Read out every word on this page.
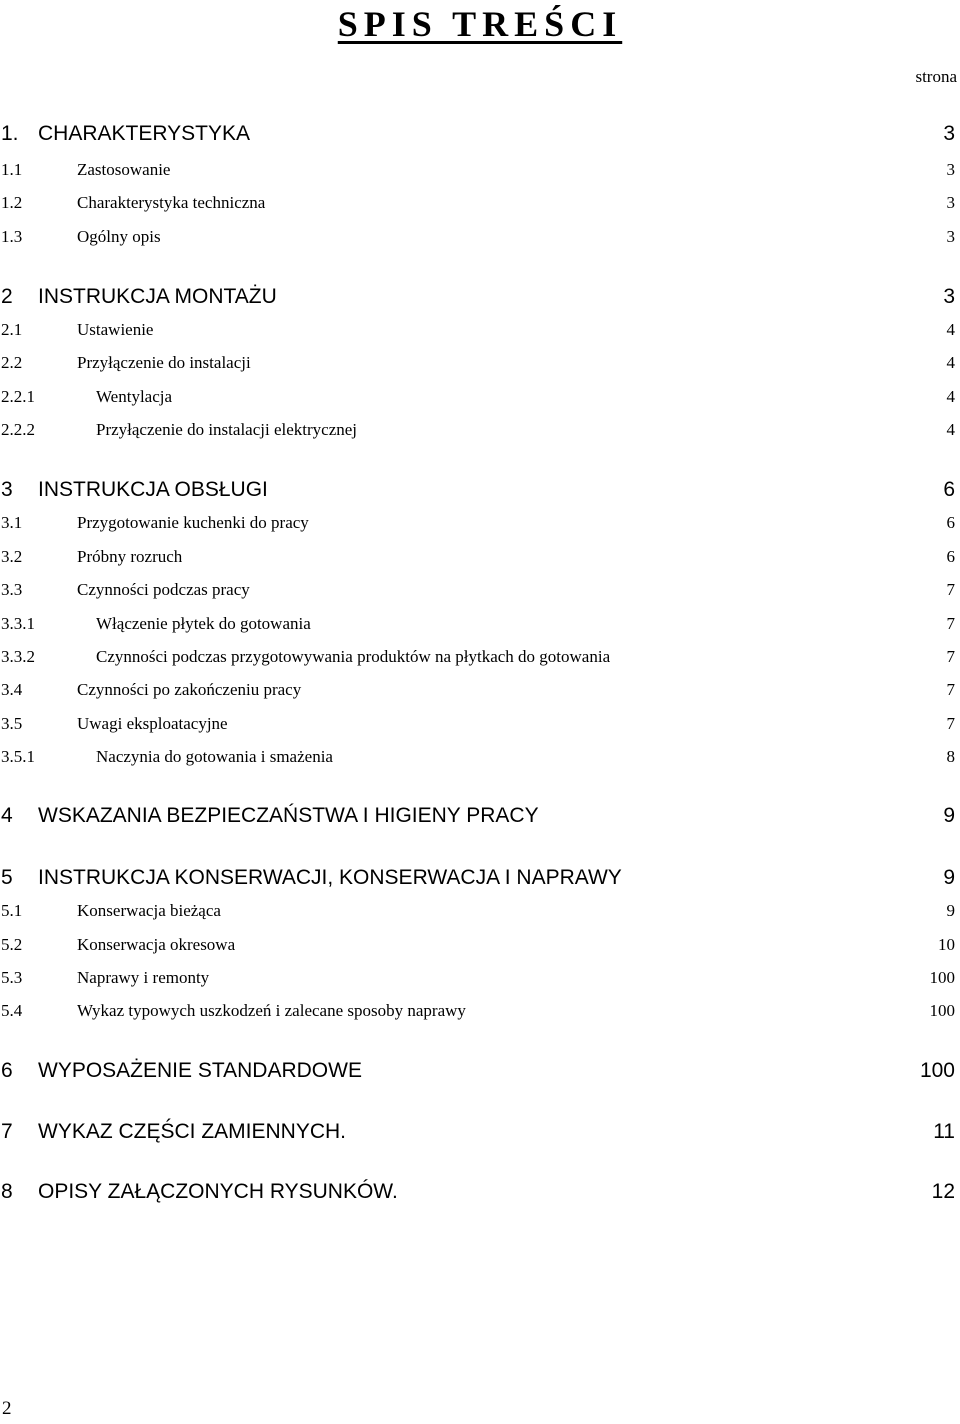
SPIS TREŚCI
strona
1. CHARAKTERYSTYKA	3
1.1	Zastosowanie	3
1.2	Charakterystyka techniczna	3
1.3	Ogólny opis	3
2 INSTRUKCJA MONTAŻU	3
2.1	Ustawienie	4
2.2	Przyłączenie do instalacji	4
2.2.1	Wentylacja	4
2.2.2	Przyłączenie do instalacji elektrycznej	4
3 INSTRUKCJA OBSŁUGI	6
3.1	Przygotowanie kuchenki do pracy	6
3.2	Próbny rozruch	6
3.3	Czynności podczas pracy	7
3.3.1	Włączenie płytek do gotowania	7
3.3.2	Czynności podczas przygotowywania produktów na płytkach do gotowania	7
3.4	Czynności po zakończeniu pracy	7
3.5	Uwagi eksploatacyjne	7
3.5.1	Naczynia do gotowania i smażenia	8
4 WSKAZANIA BEZPIECZAŃSTWA I HIGIENY PRACY	9
5 INSTRUKCJA KONSERWACJI, KONSERWACJA I NAPRAWY	9
5.1	Konserwacja bieżąca	9
5.2	Konserwacja okresowa	10
5.3	Naprawy i remonty	100
5.4	Wykaz typowych uszkodzeń i zalecane sposoby naprawy	100
6 WYPOSAŻENIE STANDARDOWE	100
7 WYKAZ CZĘŚCI ZAMIENNYCH.	11
8 OPISY ZAŁĄCZONYCH RYSUNKÓW.	12
2
